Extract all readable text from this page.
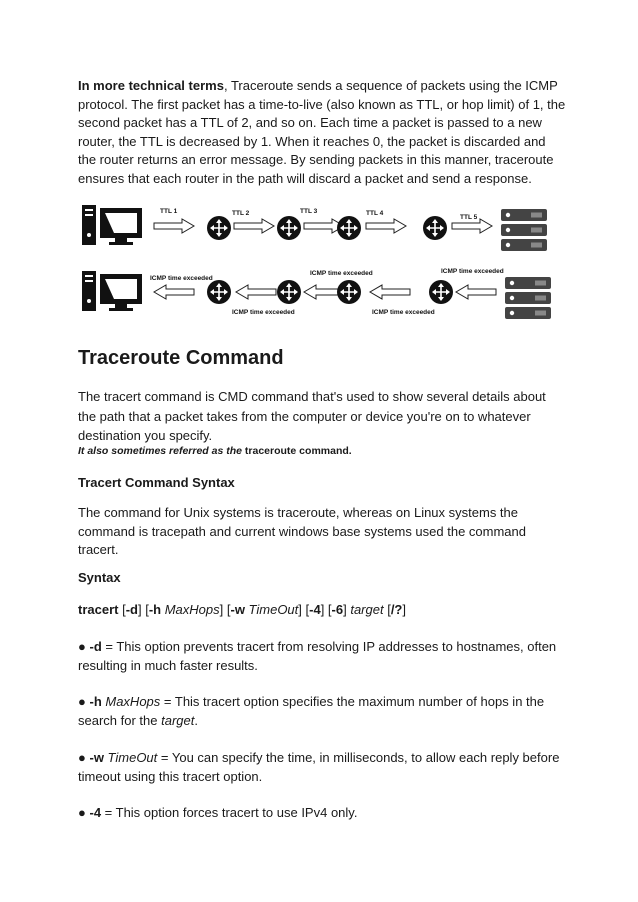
In more technical terms, Traceroute sends a sequence of packets using the ICMP
protocol. The first packet has a time-to-live (also known as TTL, or hop limit) of 1, the
second packet has a TTL of 2, and so on. Each time a packet is passed to a new
router, the TTL is decreased by 1. When it reaches 0, the packet is discarded and
the router returns an error message. By sending packets in this manner, traceroute
ensures that each router in the path will discard a packet and send a response.
TTL 1	TTL 2	TTL 3	TTL 4
TTL 5
ICMP time exceeded
ICMP time exceeded	ICMP time exceeded
ICMP time exceeded	ICMP time exceeded
Traceroute Command
The tracert command is CMD command that's used to show several details about
the path that a packet takes from the computer or device you're on to whatever
destination you specify.

It also sometimes referred as the traceroute command.

Tracert Command Syntax
The command for Unix systems is traceroute, whereas on Linux systems the
command is tracepath and current windows base systems used the command
tracert.
Syntax

tracert [-d] [-h MaxHops] [-w TimeOut] [-4] [-6] target [/?]

● -d = This option prevents tracert from resolving IP addresses to hostnames, often
resulting in much faster results.
● -h MaxHops = This tracert option specifies the maximum number of hops in the
search for the target.
● -w TimeOut = You can specify the time, in milliseconds, to allow each reply before
timeout using this tracert option.
● -4 = This option forces tracert to use IPv4 only.
